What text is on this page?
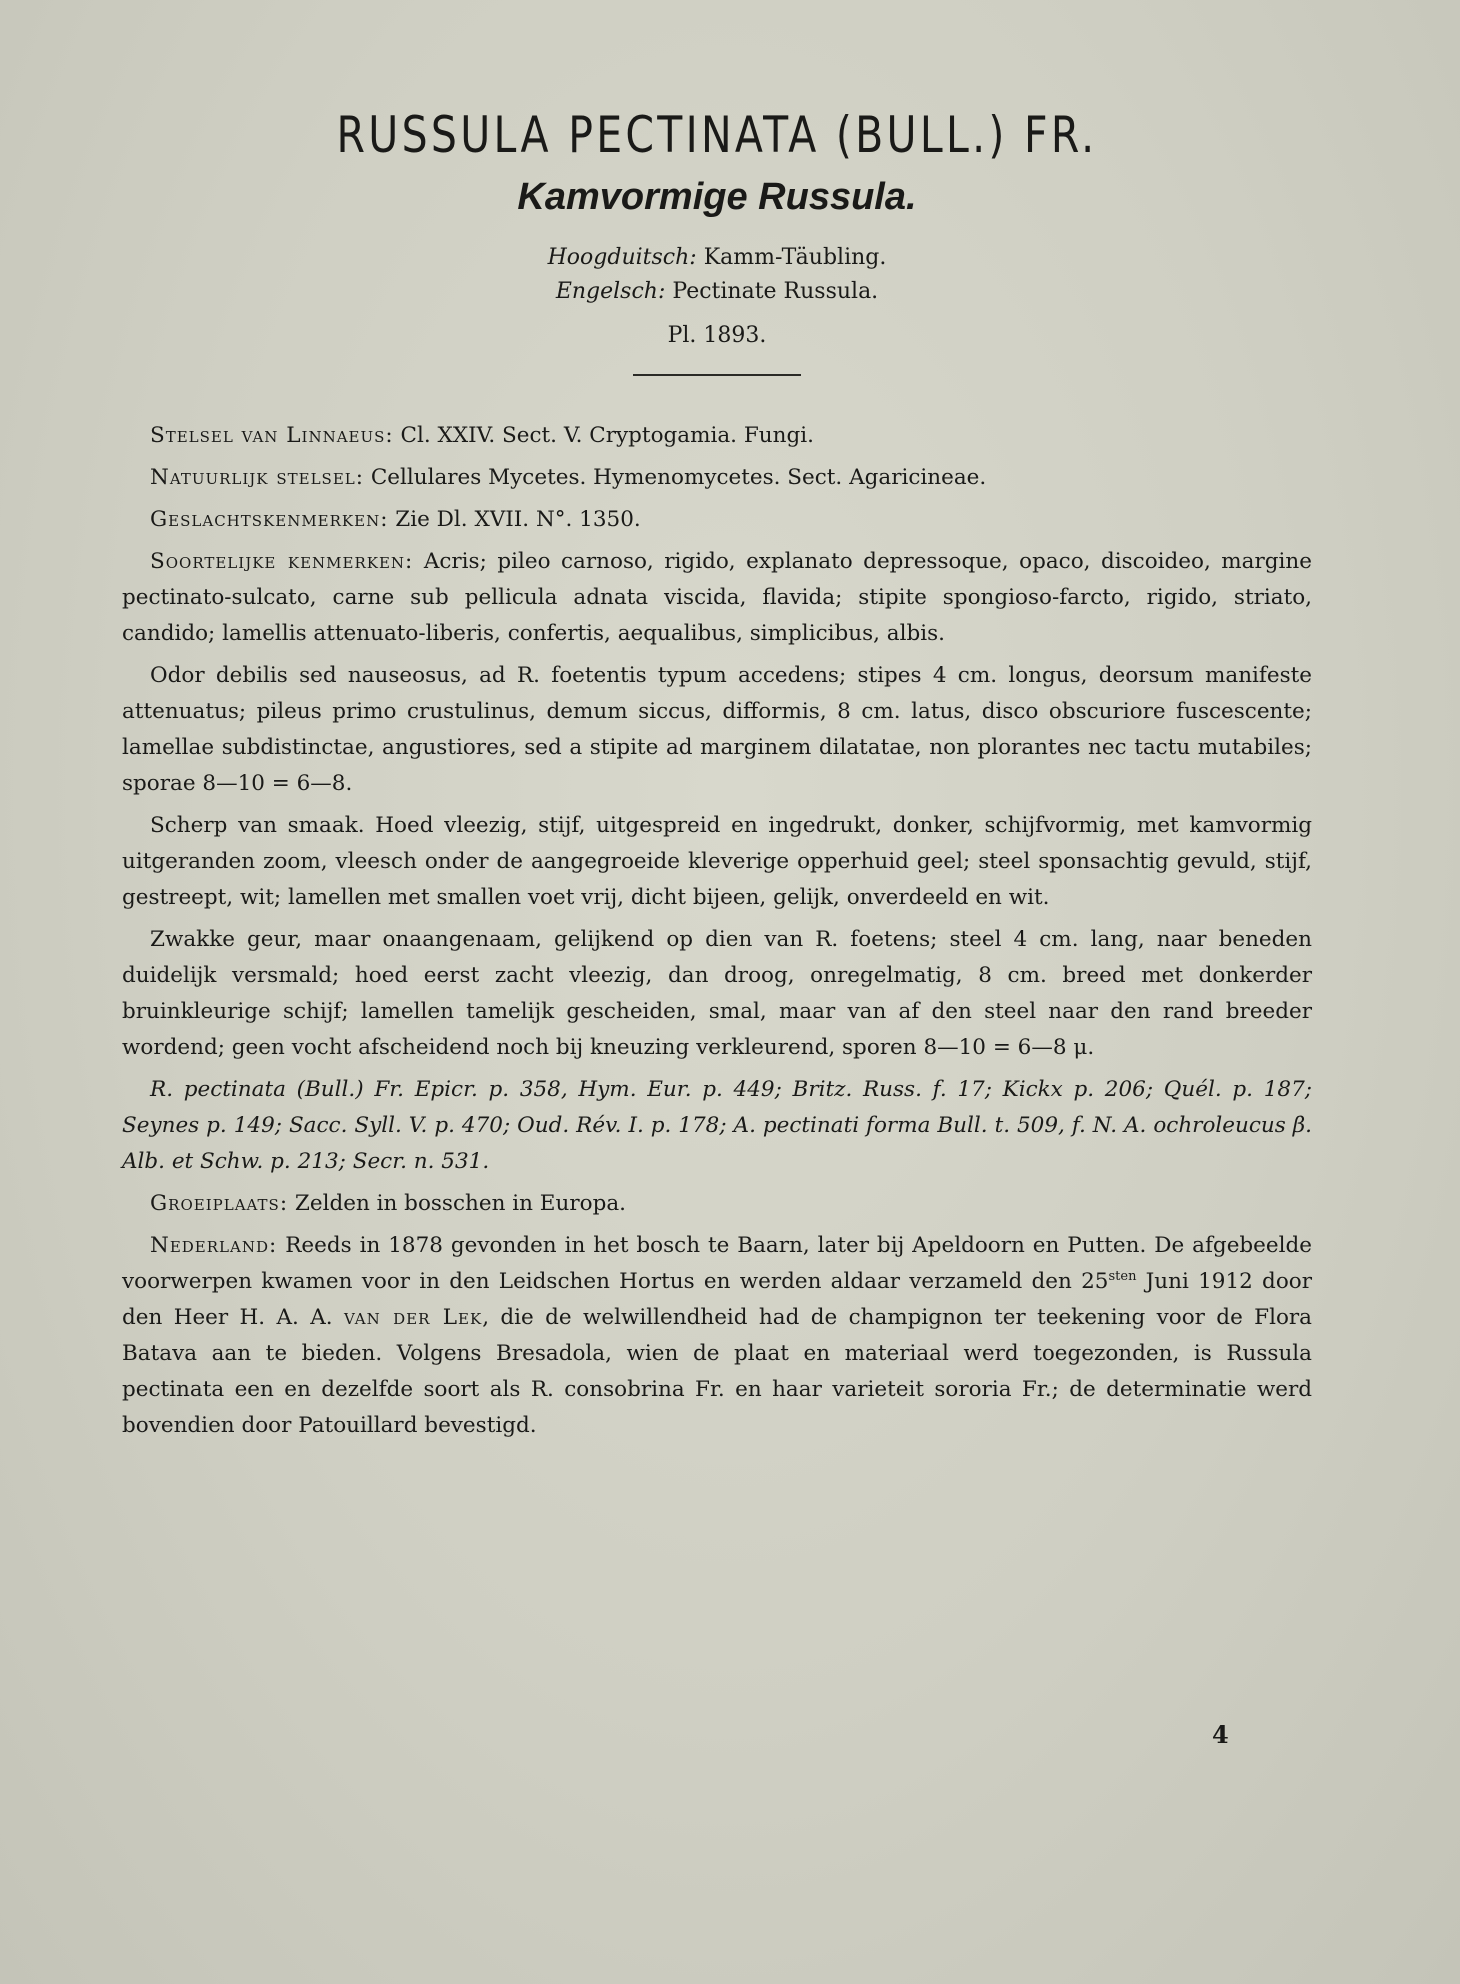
RUSSULA PECTINATA (BULL.) FR.
Kamvormige Russula.
Hoogduitsch: Kamm-Täubling.
Engelsch: Pectinate Russula.
Pl. 1893.

Stelsel van Linnaeus: Cl. XXIV. Sect. V. Cryptogamia. Fungi.

Natuurlijk stelsel: Cellulares Mycetes. Hymenomycetes. Sect. Agaricineae.

Geslachtskenmerken: Zie Dl. XVII. N°. 1350.

Soortelijke kenmerken: Acris; pileo carnoso, rigido, explanato depressoque, opaco, discoideo, margine pectinato-sulcato, carne sub pellicula adnata viscida, flavida; stipite spongioso-farcto, rigido, striato, candido; lamellis attenuato-liberis, confertis, aequalibus, simplicibus, albis.

Odor debilis sed nauseosus, ad R. foetentis typum accedens; stipes 4 cm. longus, deorsum manifeste attenuatus; pileus primo crustulinus, demum siccus, difformis, 8 cm. latus, disco obscuriore fuscescente; lamellae subdistinctae, angustiores, sed a stipite ad marginem dilatatae, non plorantes nec tactu mutabiles; sporae 8—10 = 6—8.

Scherp van smaak. Hoed vleezig, stijf, uitgespreid en ingedrukt, donker, schijfvormig, met kamvormig uitgeranden zoom, vleesch onder de aangegroeide kleverige opperhuid geel; steel sponsachtig gevuld, stijf, gestreept, wit; lamellen met smallen voet vrij, dicht bijeen, gelijk, onverdeeld en wit.

Zwakke geur, maar onaangenaam, gelijkend op dien van R. foetens; steel 4 cm. lang, naar beneden duidelijk versmald; hoed eerst zacht vleezig, dan droog, onregelmatig, 8 cm. breed met donkerder bruinkleurige schijf; lamellen tamelijk gescheiden, smal, maar van af den steel naar den rand breeder wordend; geen vocht afscheidend noch bij kneuzing verkleurend, sporen 8—10 = 6—8 μ.

R. pectinata (Bull.) Fr. Epicr. p. 358, Hym. Eur. p. 449; Britz. Russ. f. 17; Kickx p. 206; Quél. p. 187; Seynes p. 149; Sacc. Syll. V. p. 470; Oud. Rév. I. p. 178; A. pectinati forma Bull. t. 509, f. N. A. ochroleucus β. Alb. et Schw. p. 213; Secr. n. 531.

Groeiplaats: Zelden in bosschen in Europa.

Nederland: Reeds in 1878 gevonden in het bosch te Baarn, later bij Apeldoorn en Putten. De afgebeelde voorwerpen kwamen voor in den Leidschen Hortus en werden aldaar verzameld den $25^{sten}$ Juni 1912 door den Heer H. A. A. van der Lek, die de welwillendheid had de champignon ter teekening voor de Flora Batava aan te bieden. Volgens Bresadola, wien de plaat en materiaal werd toegezonden, is Russula pectinata een en dezelfde soort als R. consobrina Fr. en haar varieteit sororia Fr.; de determinatie werd bovendien door Patouillard bevestigd.

4
